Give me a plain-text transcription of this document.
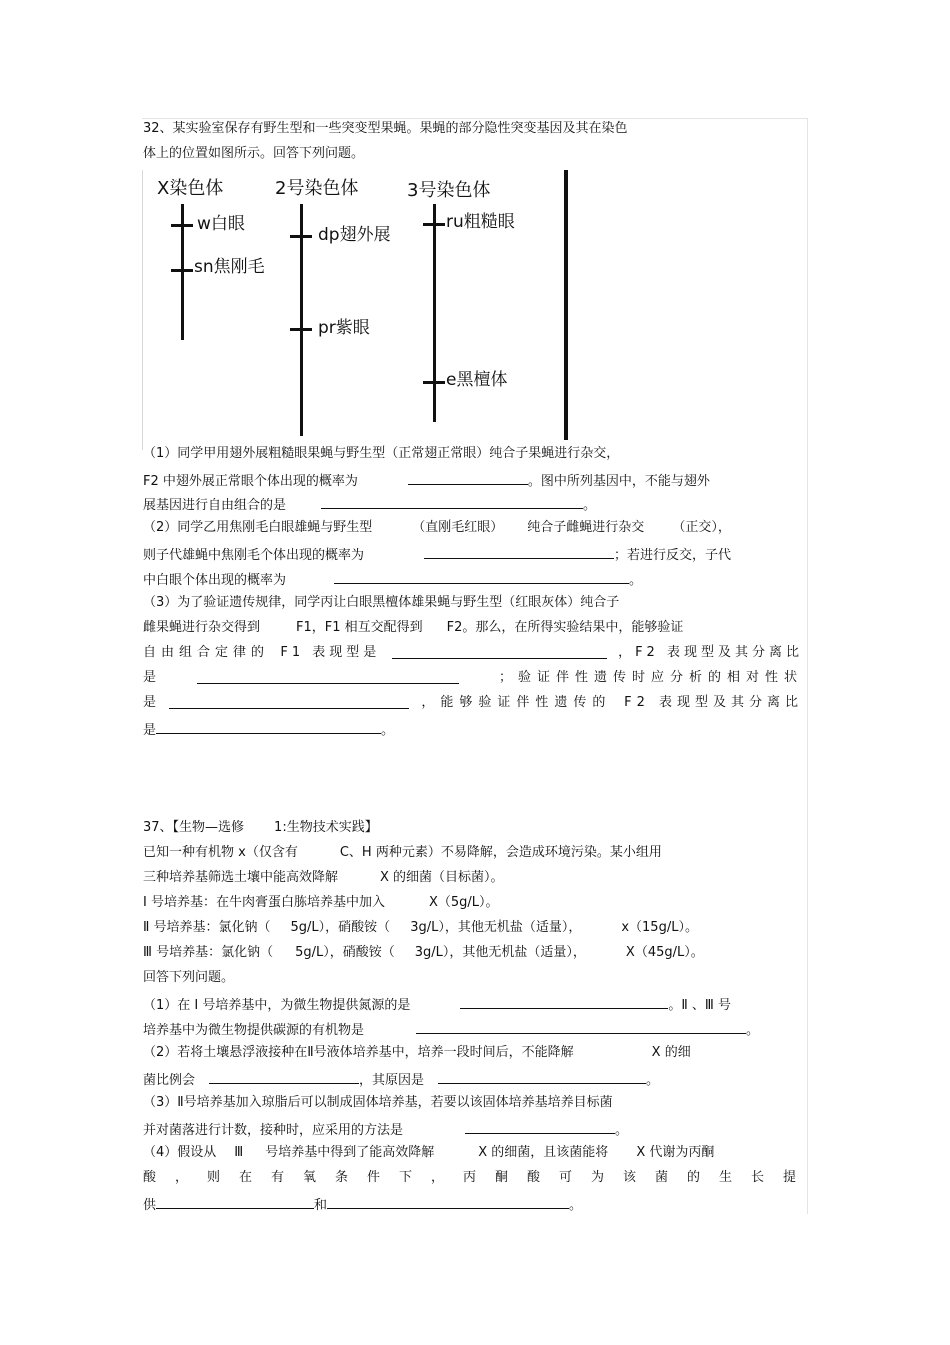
32、某实验室保存有野生型和一些突变型果蝇。果蝇的部分隐性突变基因及其在染色
体上的位置如图所示。回答下列问题。
X染色体	2号染色体	3号染色体
w白眼
sn焦刚毛
dp翅外展
pr紫眼
ru粗糙眼
e黑檀体
（1）同学甲用翅外展粗糙眼果蝇与野生型（正常翅正常眼）纯合子果蝇进行杂交，
F2 中翅外展正常眼个体出现的概率为	。图中所列基因中，不能与翅外
展基因进行自由组合的是	。
（2）同学乙用焦刚毛白眼雄蝇与野生型	（直刚毛红眼） 纯合子雌蝇进行杂交 （正交），
则子代雄蝇中焦刚毛个体出现的概率为	；若进行反交，子代
中白眼个体出现的概率为	。
（3）为了验证遗传规律，同学丙让白眼黑檀体雄果蝇与野生型（红眼灰体）纯合子
雌果蝇进行杂交得到	F1，F1 相互交配得到 F2。那么，在所得实验结果中，能够验证
自由组合定律的 F1 表现型是	，F2 表现型及其分离比
是	；验证伴性遗传时应分析的相对性状
是	，能够验证伴性遗传的 F2 表现型及其分离比
是	。
37、【生物—选修 1:生物技术实践】
已知一种有机物 x（仅含有	C、H 两种元素）不易降解，会造成环境污染。某小组用
三种培养基筛选土壤中能高效降解	X 的细菌（目标菌）。
Ⅰ 号培养基：在牛肉膏蛋白胨培养基中加入	X（5g/L）。
Ⅱ 号培养基：氯化钠（ 5g/L），硝酸铵（ 3g/L），其他无机盐（适量），	x（15g/L）。
Ⅲ 号培养基：氯化钠（ 5g/L），硝酸铵（ 3g/L），其他无机盐（适量），	X（45g/L）。
回答下列问题。
（1）在 Ⅰ 号培养基中，为微生物提供氮源的是	。Ⅱ 、Ⅲ 号
培养基中为微生物提供碳源的有机物是	。
（2）若将土壤悬浮液接种在Ⅱ号液体培养基中，培养一段时间后，不能降解	X 的细
菌比例会	，其原因是	。
（3）Ⅱ号培养基加入琼脂后可以制成固体培养基，若要以该固体培养基培养目标菌
并对菌落进行计数，接种时，应采用的方法是	。
（4）假设从 Ⅲ 号培养基中得到了能高效降解	X 的细菌，且该菌能将 X 代谢为丙酮
酸，则在有氧条件下，丙酮酸可为该菌的生长提
供	和	。
